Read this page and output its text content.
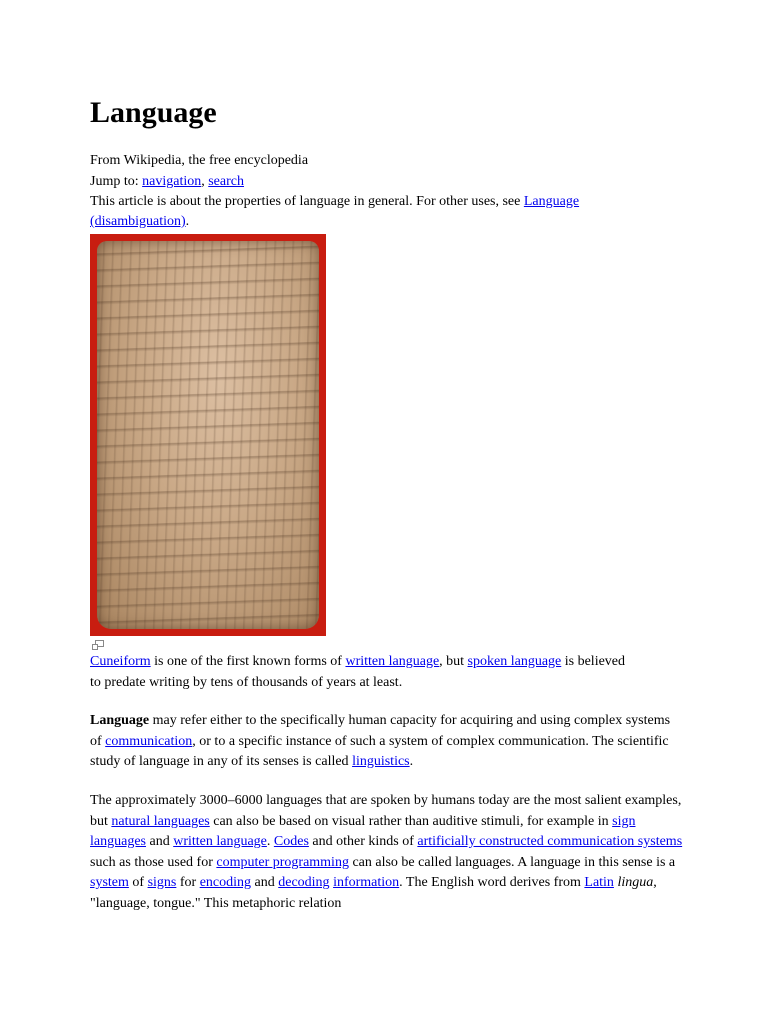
Language
From Wikipedia, the free encyclopedia
Jump to: navigation, search
This article is about the properties of language in general. For other uses, see Language
(disambiguation).
Cuneiform is one of the first known forms of written language, but spoken language is believed
to predate writing by tens of thousands of years at least.

Language may refer either to the specifically human capacity for acquiring and using complex systems of communication, or to a specific instance of such a system of complex communication. The scientific study of language in any of its senses is called linguistics.

The approximately 3000–6000 languages that are spoken by humans today are the most salient examples, but natural languages can also be based on visual rather than auditive stimuli, for example in sign languages and written language. Codes and other kinds of artificially constructed communication systems such as those used for computer programming can also be called languages. A language in this sense is a system of signs for encoding and decoding information. The English word derives from Latin lingua, "language, tongue." This metaphoric relation
